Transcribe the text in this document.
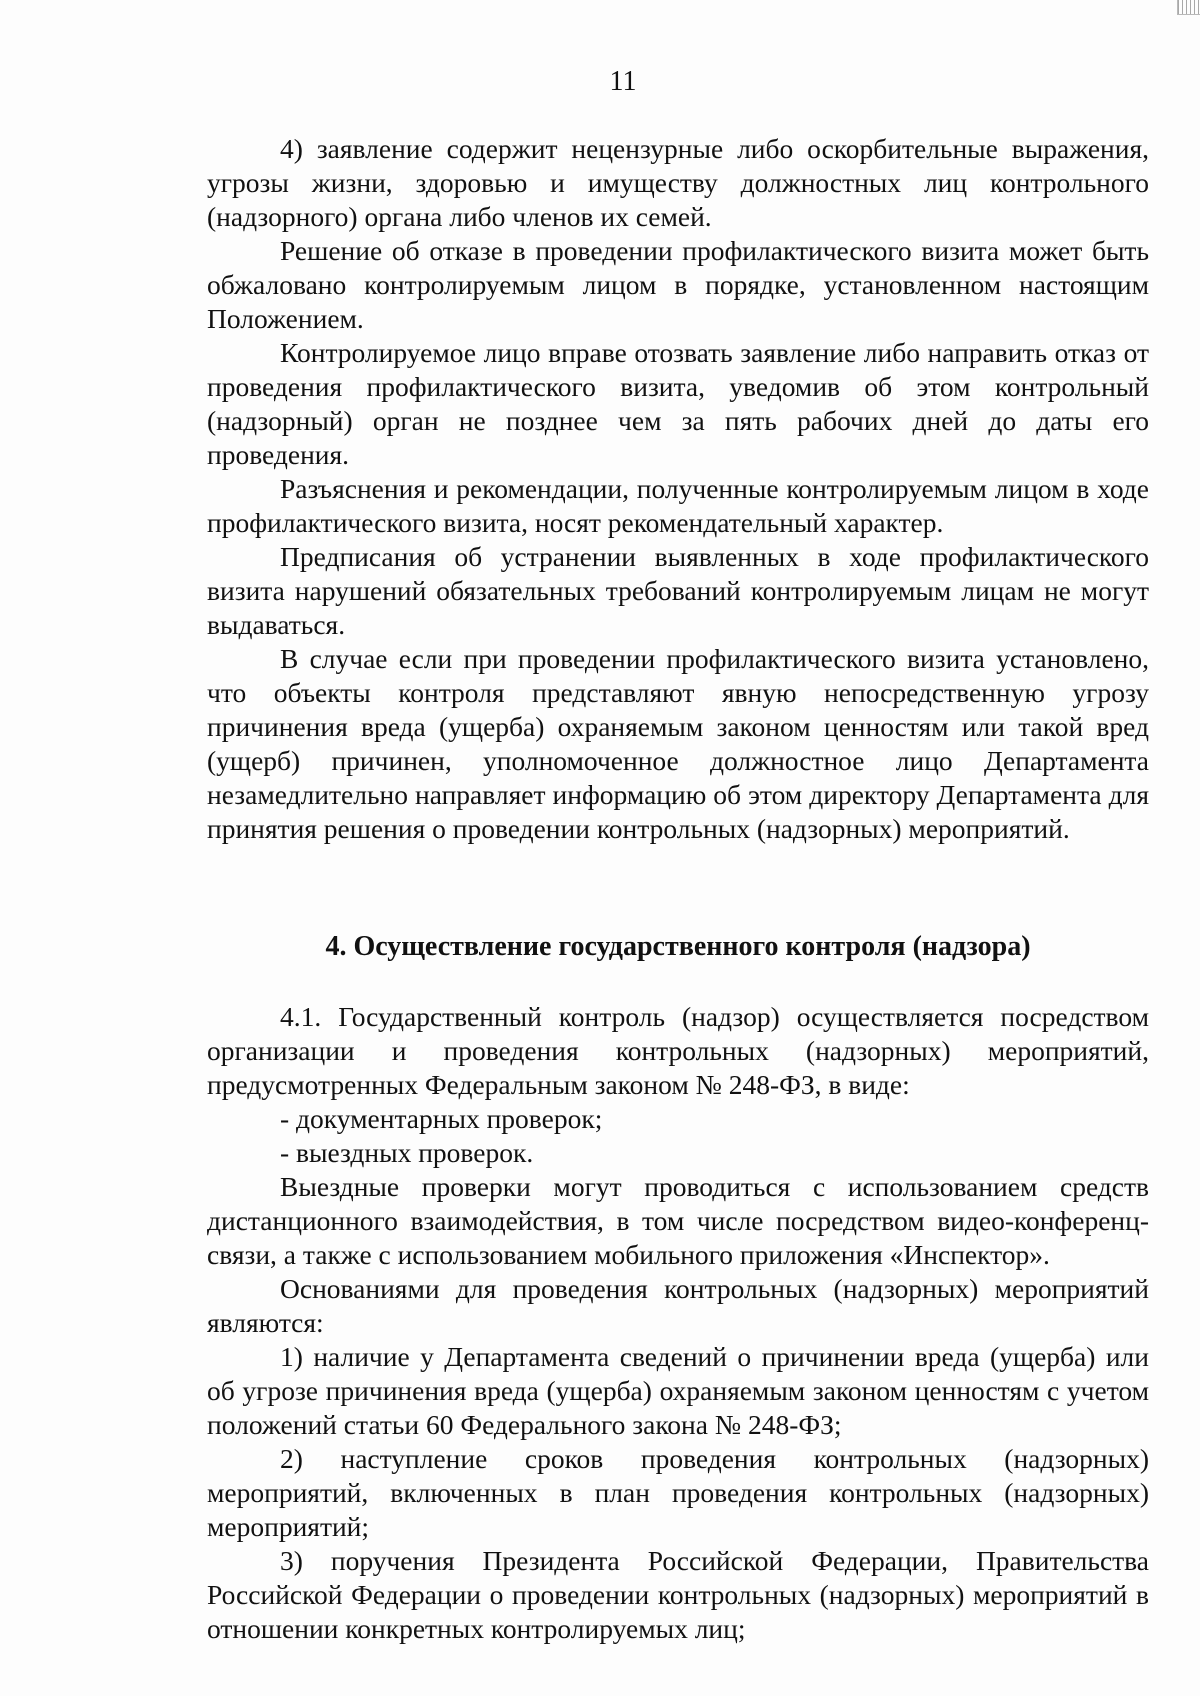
11

4) заявление содержит нецензурные либо оскорбительные выражения, угрозы жизни, здоровью и имуществу должностных лиц контрольного (надзорного) органа либо членов их семей.

Решение об отказе в проведении профилактического визита может быть обжаловано контролируемым лицом в порядке, установленном настоящим Положением.

Контролируемое лицо вправе отозвать заявление либо направить отказ от проведения профилактического визита, уведомив об этом контрольный (надзорный) орган не позднее чем за пять рабочих дней до даты его проведения.

Разъяснения и рекомендации, полученные контролируемым лицом в ходе профилактического визита, носят рекомендательный характер.

Предписания об устранении выявленных в ходе профилактического визита нарушений обязательных требований контролируемым лицам не могут выдаваться.

В случае если при проведении профилактического визита установлено, что объекты контроля представляют явную непосредственную угрозу причинения вреда (ущерба) охраняемым законом ценностям или такой вред (ущерб) причинен, уполномоченное должностное лицо Департамента незамедлительно направляет информацию об этом директору Департамента для принятия решения о проведении контрольных (надзорных) мероприятий.

4. Осуществление государственного контроля (надзора)

4.1. Государственный контроль (надзор) осуществляется посредством организации и проведения контрольных (надзорных) мероприятий, предусмотренных Федеральным законом № 248-ФЗ, в виде:

- документарных проверок;

- выездных проверок.

Выездные проверки могут проводиться с использованием средств дистанционного взаимодействия, в том числе посредством видео-конференц-связи, а также с использованием мобильного приложения «Инспектор».

Основаниями для проведения контрольных (надзорных) мероприятий являются:

1) наличие у Департамента сведений о причинении вреда (ущерба) или об угрозе причинения вреда (ущерба) охраняемым законом ценностям с учетом положений статьи 60 Федерального закона № 248-ФЗ;

2) наступление сроков проведения контрольных (надзорных) мероприятий, включенных в план проведения контрольных (надзорных) мероприятий;

3) поручения Президента Российской Федерации, Правительства Российской Федерации о проведении контрольных (надзорных) мероприятий в отношении конкретных контролируемых лиц;
